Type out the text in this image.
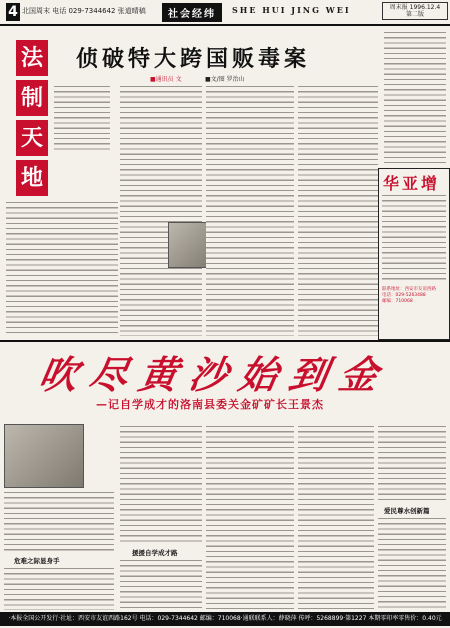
4 北国周末 电话 029-7344642 张道晴稿	社会经纬	SHE HUI JING WEI	周末报 1996.12.4
第二版
法
制
天
地
侦破特大跨国贩毒案
■通讯员 文	■文/图 罗治山
华亚增
联系地址：西安市友谊西路
电话：029-5263488
邮编：710068
吹尽黄沙始到金
—记自学成才的洛南县委关金矿矿长王景杰
危难之际显身手
援援自学成才路
爱民尊水创新篇
·本报全国公开发行·社址：西安市友谊西路162号 电话：029-7344642 邮编：710068·通联联系人：薛晓萍 传呼：5268899·第1227 本期零印率零售价：0.40元
